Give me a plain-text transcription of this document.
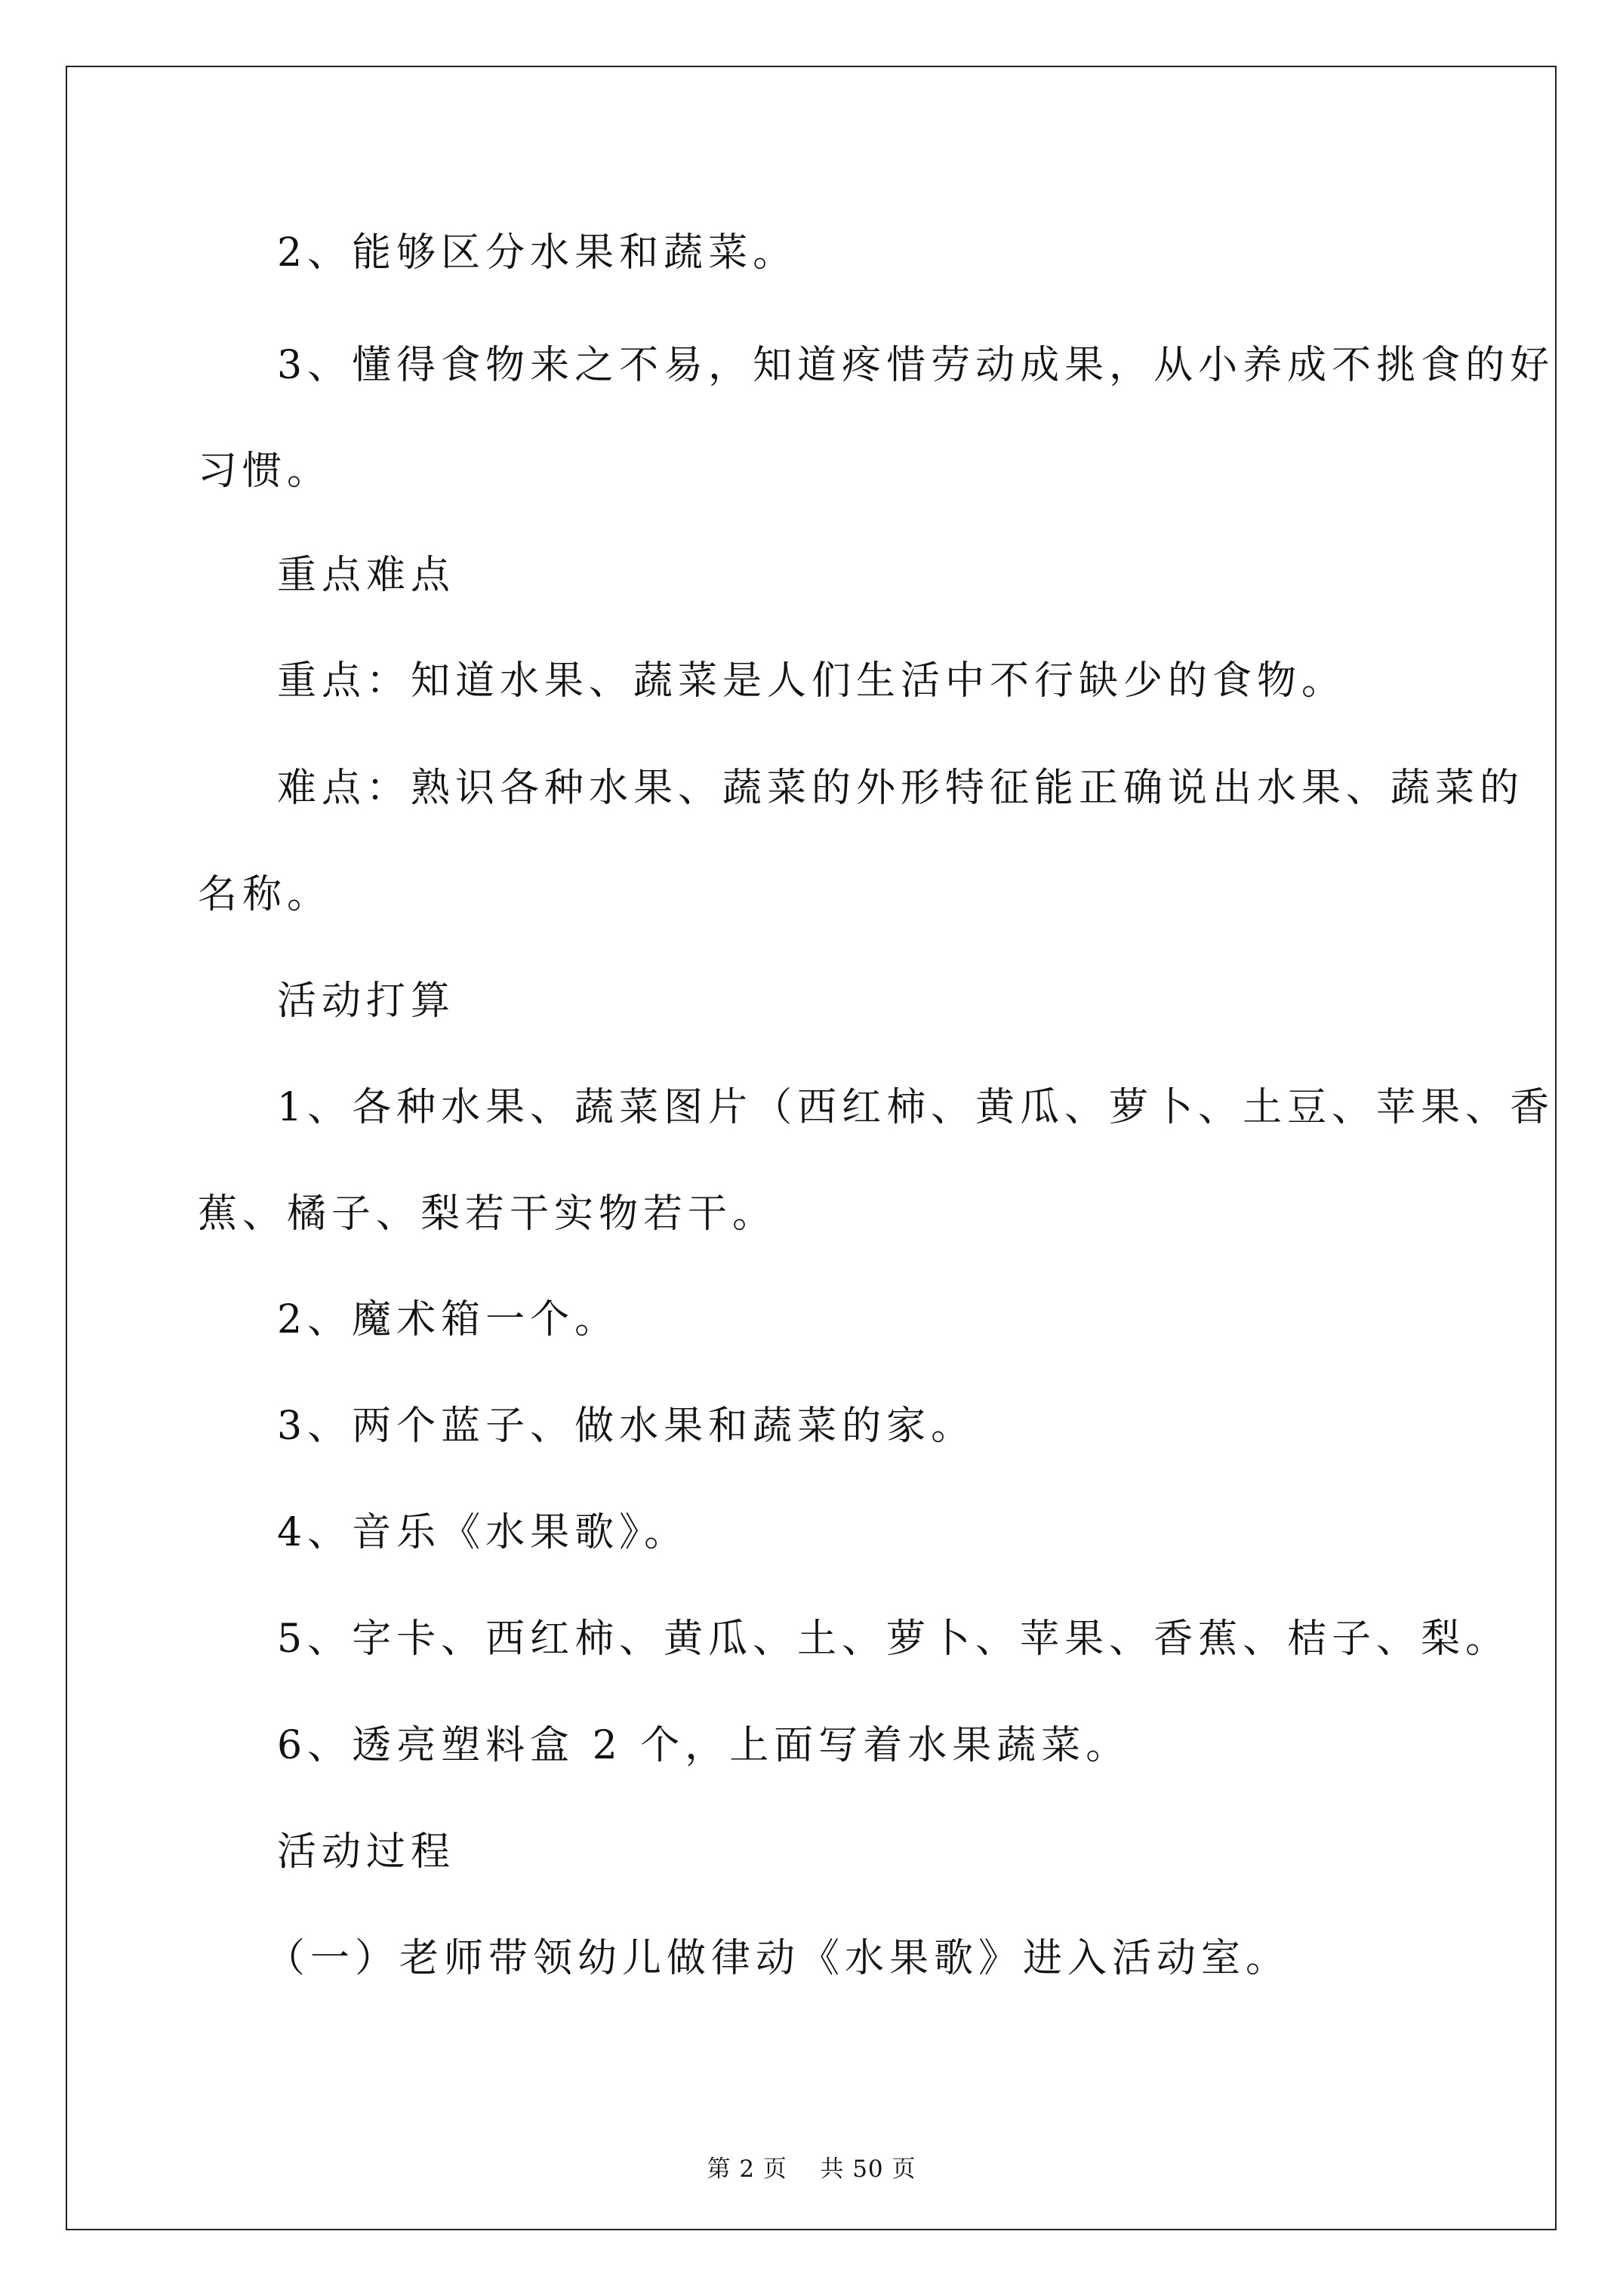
2、能够区分水果和蔬菜。
3、懂得食物来之不易，知道疼惜劳动成果，从小养成不挑食的好
习惯。
重点难点
重点：知道水果、蔬菜是人们生活中不行缺少的食物。
难点：熟识各种水果、蔬菜的外形特征能正确说出水果、蔬菜的
名称。
活动打算
1、各种水果、蔬菜图片（西红柿、黄瓜、萝卜、土豆、苹果、香
蕉、橘子、梨若干实物若干。
2、魔术箱一个。
3、两个蓝子、做水果和蔬菜的家。
4、音乐《水果歌》。
5、字卡、西红柿、黄瓜、土、萝卜、苹果、香蕉、桔子、梨。
6、透亮塑料盒 2 个，上面写着水果蔬菜。
活动过程
（一）老师带领幼儿做律动《水果歌》进入活动室。
第 2 页 共 50 页
